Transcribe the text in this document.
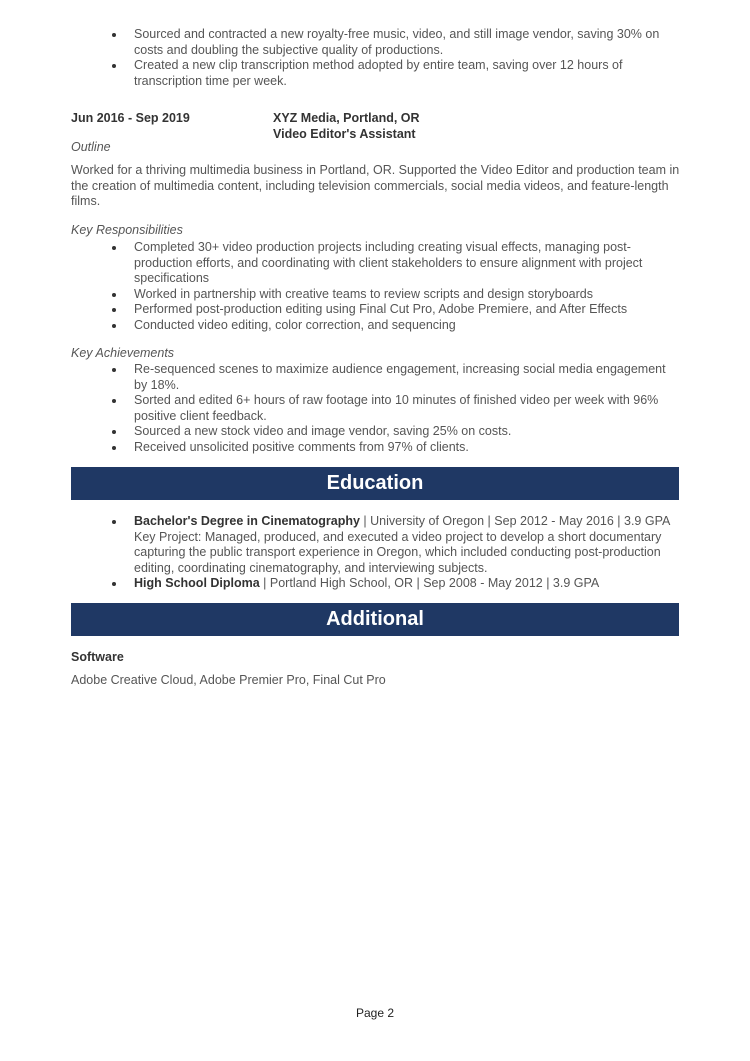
Sourced and contracted a new royalty-free music, video, and still image vendor, saving 30% on costs and doubling the subjective quality of productions.
Created a new clip transcription method adopted by entire team, saving over 12 hours of transcription time per week.
Jun 2016 - Sep 2019	XYZ Media, Portland, OR
Video Editor's Assistant
Outline
Worked for a thriving multimedia business in Portland, OR. Supported the Video Editor and production team in the creation of multimedia content, including television commercials, social media videos, and feature-length films.
Key Responsibilities
Completed 30+ video production projects including creating visual effects, managing post-production efforts, and coordinating with client stakeholders to ensure alignment with project specifications
Worked in partnership with creative teams to review scripts and design storyboards
Performed post-production editing using Final Cut Pro, Adobe Premiere, and After Effects
Conducted video editing, color correction, and sequencing
Key Achievements
Re-sequenced scenes to maximize audience engagement, increasing social media engagement by 18%.
Sorted and edited 6+ hours of raw footage into 10 minutes of finished video per week with 96% positive client feedback.
Sourced a new stock video and image vendor, saving 25% on costs.
Received unsolicited positive comments from 97% of clients.
Education
Bachelor's Degree in Cinematography | University of Oregon | Sep 2012 - May 2016 | 3.9 GPA
Key Project: Managed, produced, and executed a video project to develop a short documentary capturing the public transport experience in Oregon, which included conducting post-production editing, coordinating cinematography, and interviewing subjects.
High School Diploma | Portland High School, OR | Sep 2008 - May 2012 | 3.9 GPA
Additional
Software
Adobe Creative Cloud, Adobe Premier Pro, Final Cut Pro
Page 2
